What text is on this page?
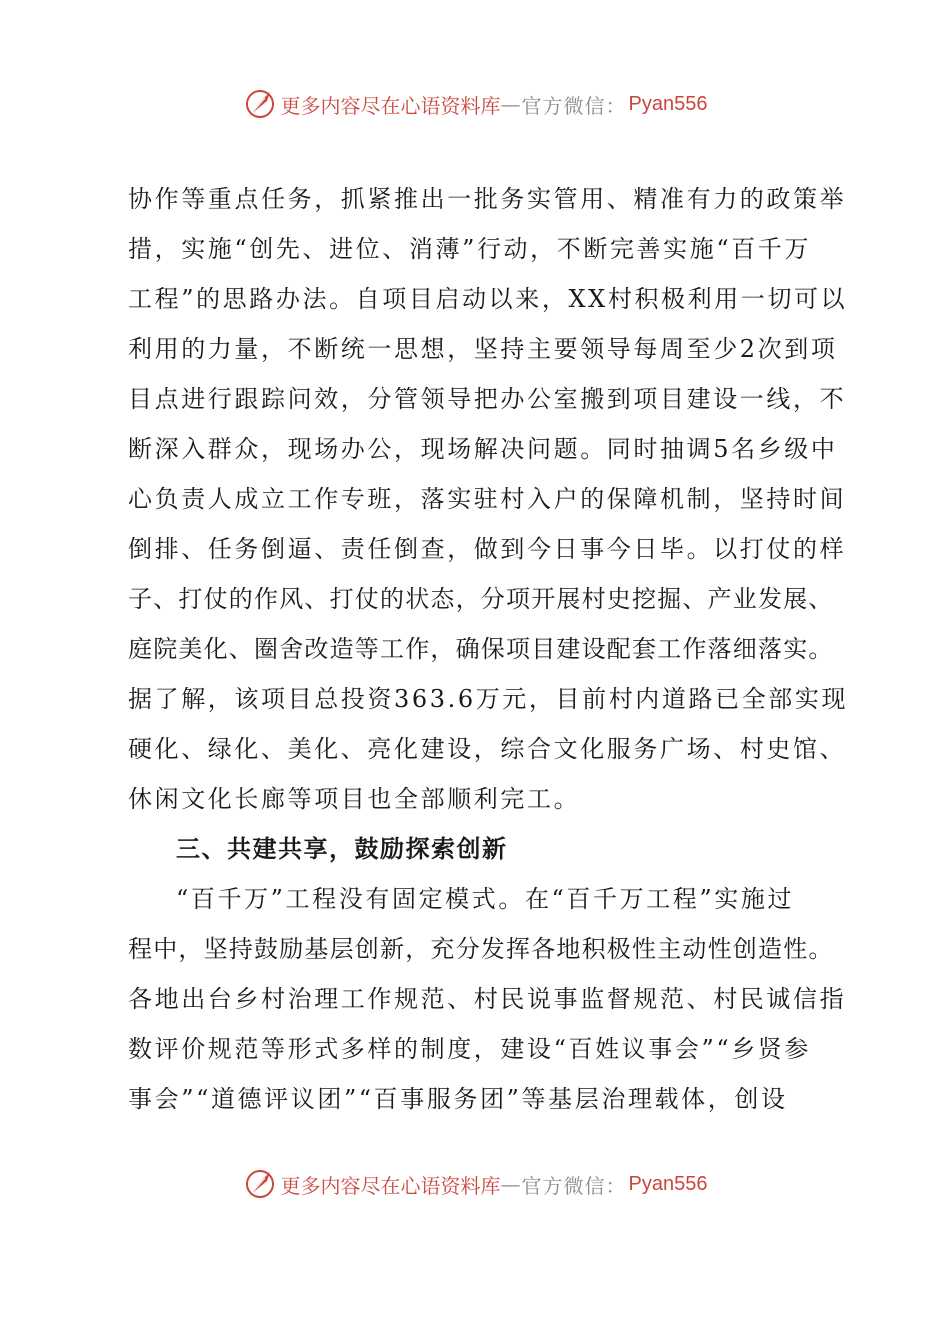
更多内容尽在心语资料库 — 官方微信： Pyan556
协作等重点任务，抓紧推出一批务实管用、精准有力的政策举
措，实施“创先、进位、消薄”行动，不断完善实施“百千万
工程”的思路办法。自项目启动以来，XX村积极利用一切可以
利用的力量，不断统一思想，坚持主要领导每周至少2次到项
目点进行跟踪问效，分管领导把办公室搬到项目建设一线，不
断深入群众，现场办公，现场解决问题。同时抽调5名乡级中
心负责人成立工作专班，落实驻村入户的保障机制，坚持时间
倒排、任务倒逼、责任倒查，做到今日事今日毕。以打仗的样
子、打仗的作风、打仗的状态，分项开展村史挖掘、产业发展、
庭院美化、圈舍改造等工作，确保项目建设配套工作落细落实。
据了解，该项目总投资363.6万元，目前村内道路已全部实现
硬化、绿化、美化、亮化建设，综合文化服务广场、村史馆、
休闲文化长廊等项目也全部顺利完工。
三、共建共享，鼓励探索创新
“百千万”工程没有固定模式。在“百千万工程”实施过
程中，坚持鼓励基层创新，充分发挥各地积极性主动性创造性。
各地出台乡村治理工作规范、村民说事监督规范、村民诚信指
数评价规范等形式多样的制度，建设“百姓议事会”“乡贤参
事会”“道德评议团”“百事服务团”等基层治理载体，创设
更多内容尽在心语资料库 — 官方微信： Pyan556
